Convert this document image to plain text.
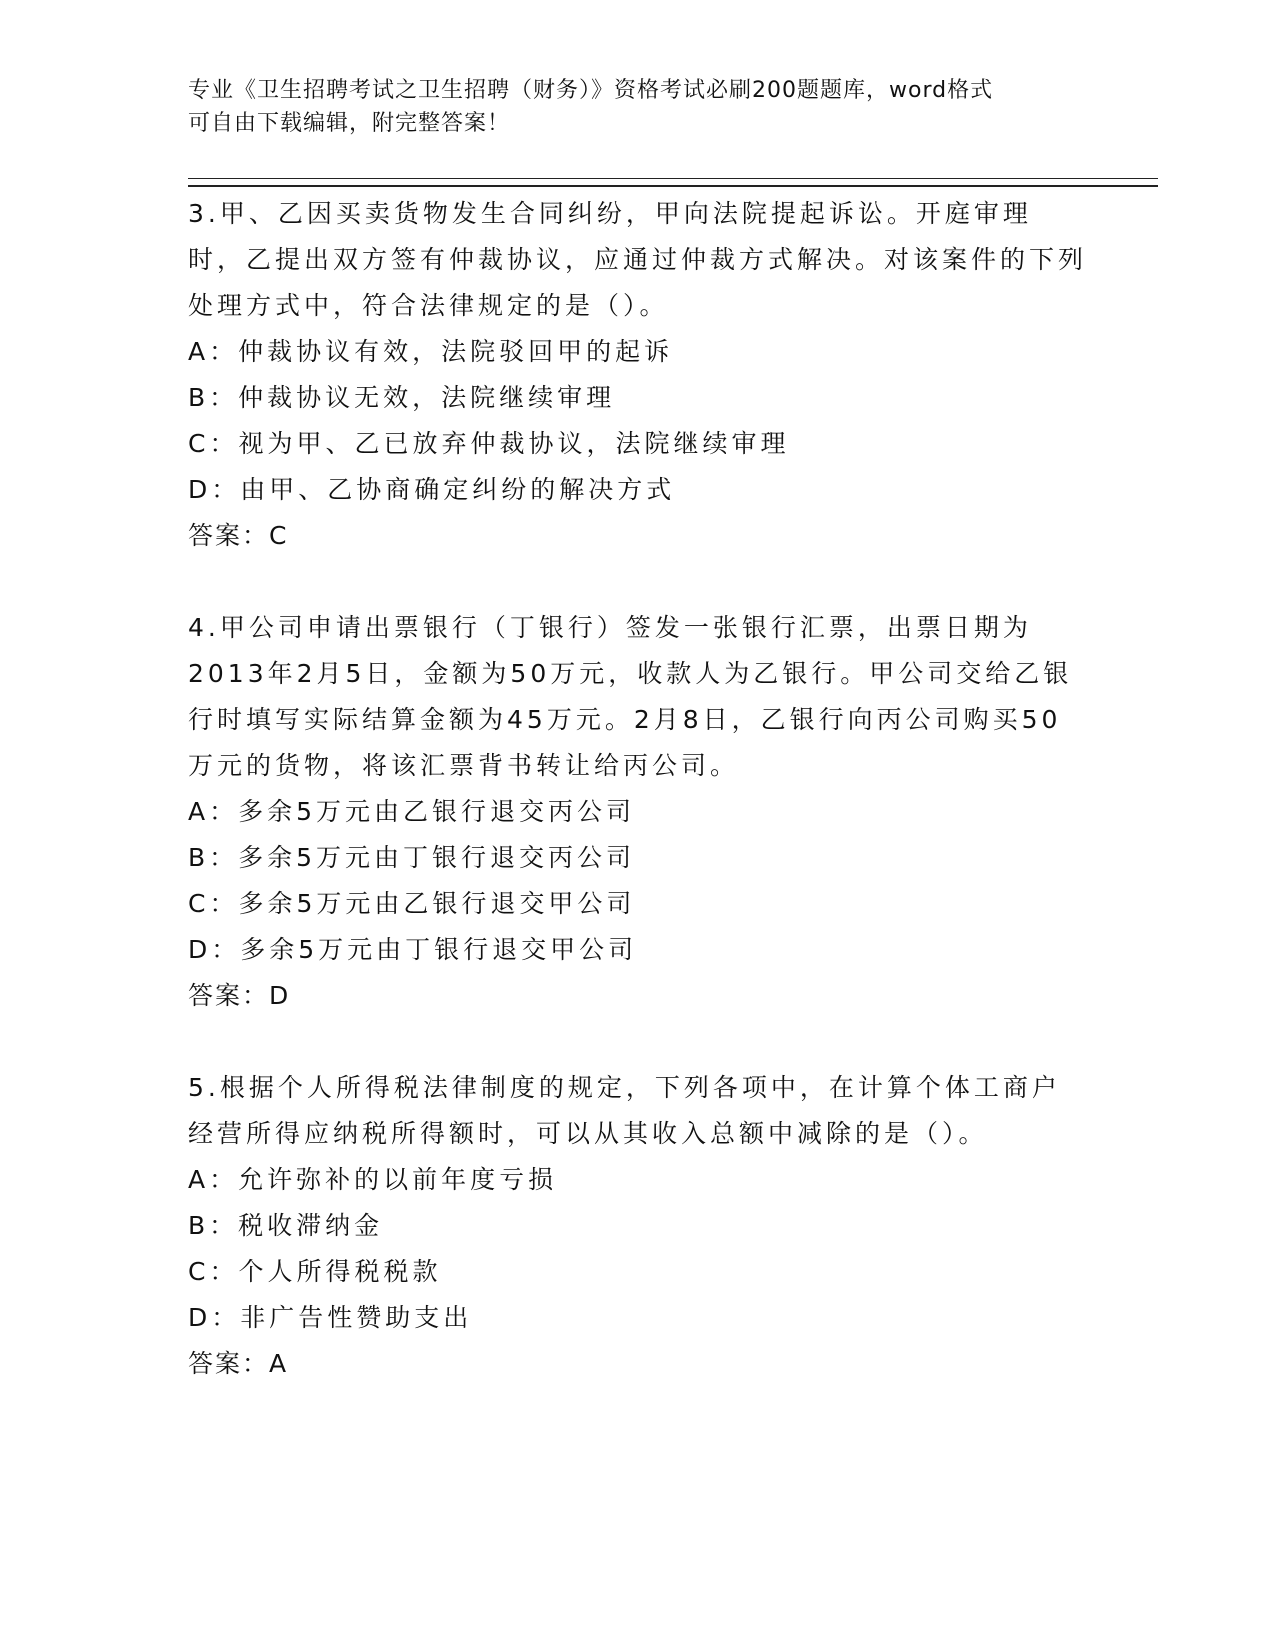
专业《卫生招聘考试之卫生招聘（财务）》资格考试必刷200题题库，word格式
可自由下载编辑，附完整答案！
3.甲、乙因买卖货物发生合同纠纷，甲向法院提起诉讼。开庭审理时，乙提出双方签有仲裁协议，应通过仲裁方式解决。对该案件的下列处理方式中，符合法律规定的是（）。
A：仲裁协议有效，法院驳回甲的起诉
B：仲裁协议无效，法院继续审理
C：视为甲、乙已放弃仲裁协议，法院继续审理
D：由甲、乙协商确定纠纷的解决方式
答案：C
4.甲公司申请出票银行（丁银行）签发一张银行汇票，出票日期为2013年2月5日，金额为50万元，收款人为乙银行。甲公司交给乙银行时填写实际结算金额为45万元。2月8日，乙银行向丙公司购买50万元的货物，将该汇票背书转让给丙公司。
A：多余5万元由乙银行退交丙公司
B：多余5万元由丁银行退交丙公司
C：多余5万元由乙银行退交甲公司
D：多余5万元由丁银行退交甲公司
答案：D
5.根据个人所得税法律制度的规定，下列各项中，在计算个体工商户经营所得应纳税所得额时，可以从其收入总额中减除的是（）。
A：允许弥补的以前年度亏损
B：税收滞纳金
C：个人所得税税款
D：非广告性赞助支出
答案：A
